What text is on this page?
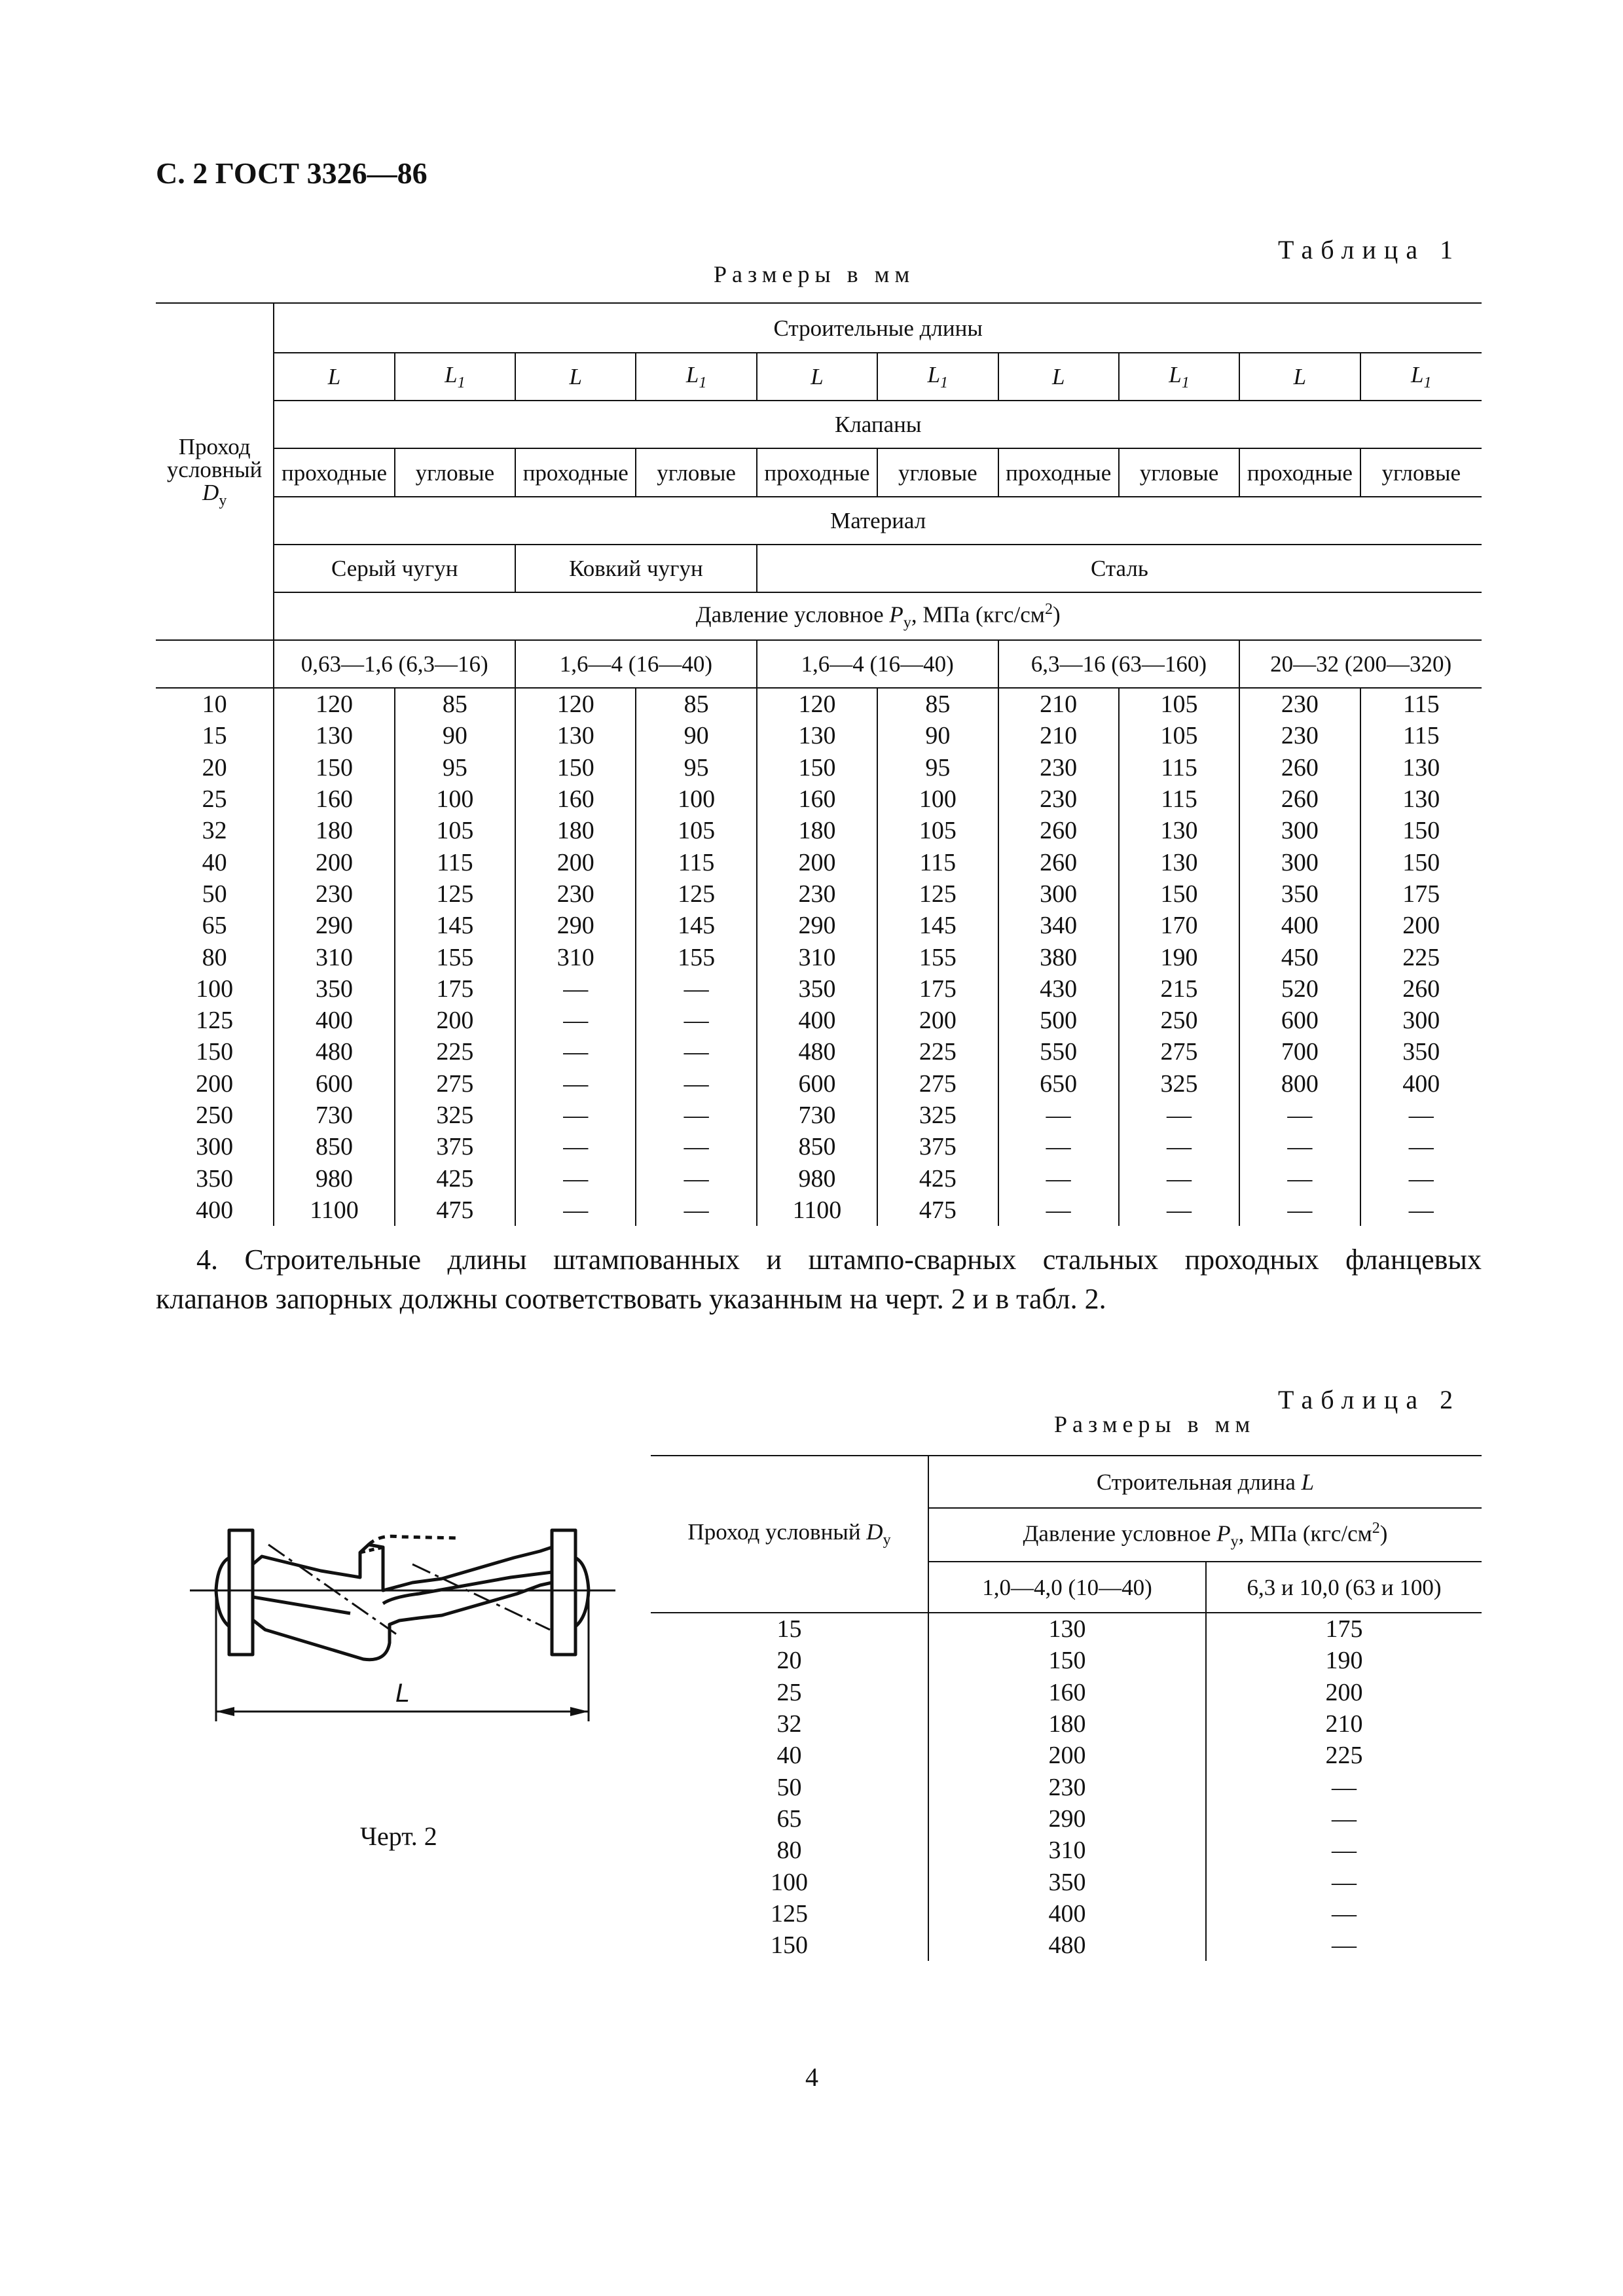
С. 2 ГОСТ 3326—86
Таблица 1
Размеры в мм
Проход
условный
$D_у$	Строительные длины									
	L	$L_1$	L	$L_1$	L	$L_1$	L	$L_1$	L	$L_1$
	Клапаны									
	проходные	угловые	проходные	угловые	проходные	угловые	проходные	угловые	проходные	угловые
	Материал									
	Серый чугун		Ковкий чугун		Сталь					
	Давление условное $P_у$, МПа $(кгс/см^2)$									
	0,63—1,6 (6,3—16)		1,6—4 (16—40)		1,6—4 (16—40)		6,3—16 (63—160)		20—32 (200—320)	
10	120	85	120	85	120	85	210	105	230	115
15	130	90	130	90	130	90	210	105	230	115
20	150	95	150	95	150	95	230	115	260	130
25	160	100	160	100	160	100	230	115	260	130
32	180	105	180	105	180	105	260	130	300	150
40	200	115	200	115	200	115	260	130	300	150
50	230	125	230	125	230	125	300	150	350	175
65	290	145	290	145	290	145	340	170	400	200
80	310	155	310	155	310	155	380	190	450	225
100	350	175	—	—	350	175	430	215	520	260
125	400	200	—	—	400	200	500	250	600	300
150	480	225	—	—	480	225	550	275	700	350
200	600	275	—	—	600	275	650	325	800	400
250	730	325	—	—	730	325	—	—	—	—
300	850	375	—	—	850	375	—	—	—	—
350	980	425	—	—	980	425	—	—	—	—
400	1100	475	—	—	1100	475	—	—	—	—
4. Строительные длины штампованных и штампо-сварных стальных проходных фланцевых
клапанов запорных должны соответствовать указанным на черт. 2 и в табл. 2.
L
Черт. 2
Таблица 2
Размеры в мм
Проход условный $D_у$	Строительная длина L	
	Давление условное $P_у$, МПа $(кгс/см^2)$	
	1,0—4,0 (10—40)	6,3 и 10,0 (63 и 100)
15	130	175
20	150	190
25	160	200
32	180	210
40	200	225
50	230	—
65	290	—
80	310	—
100	350	—
125	400	—
150	480	—
4
